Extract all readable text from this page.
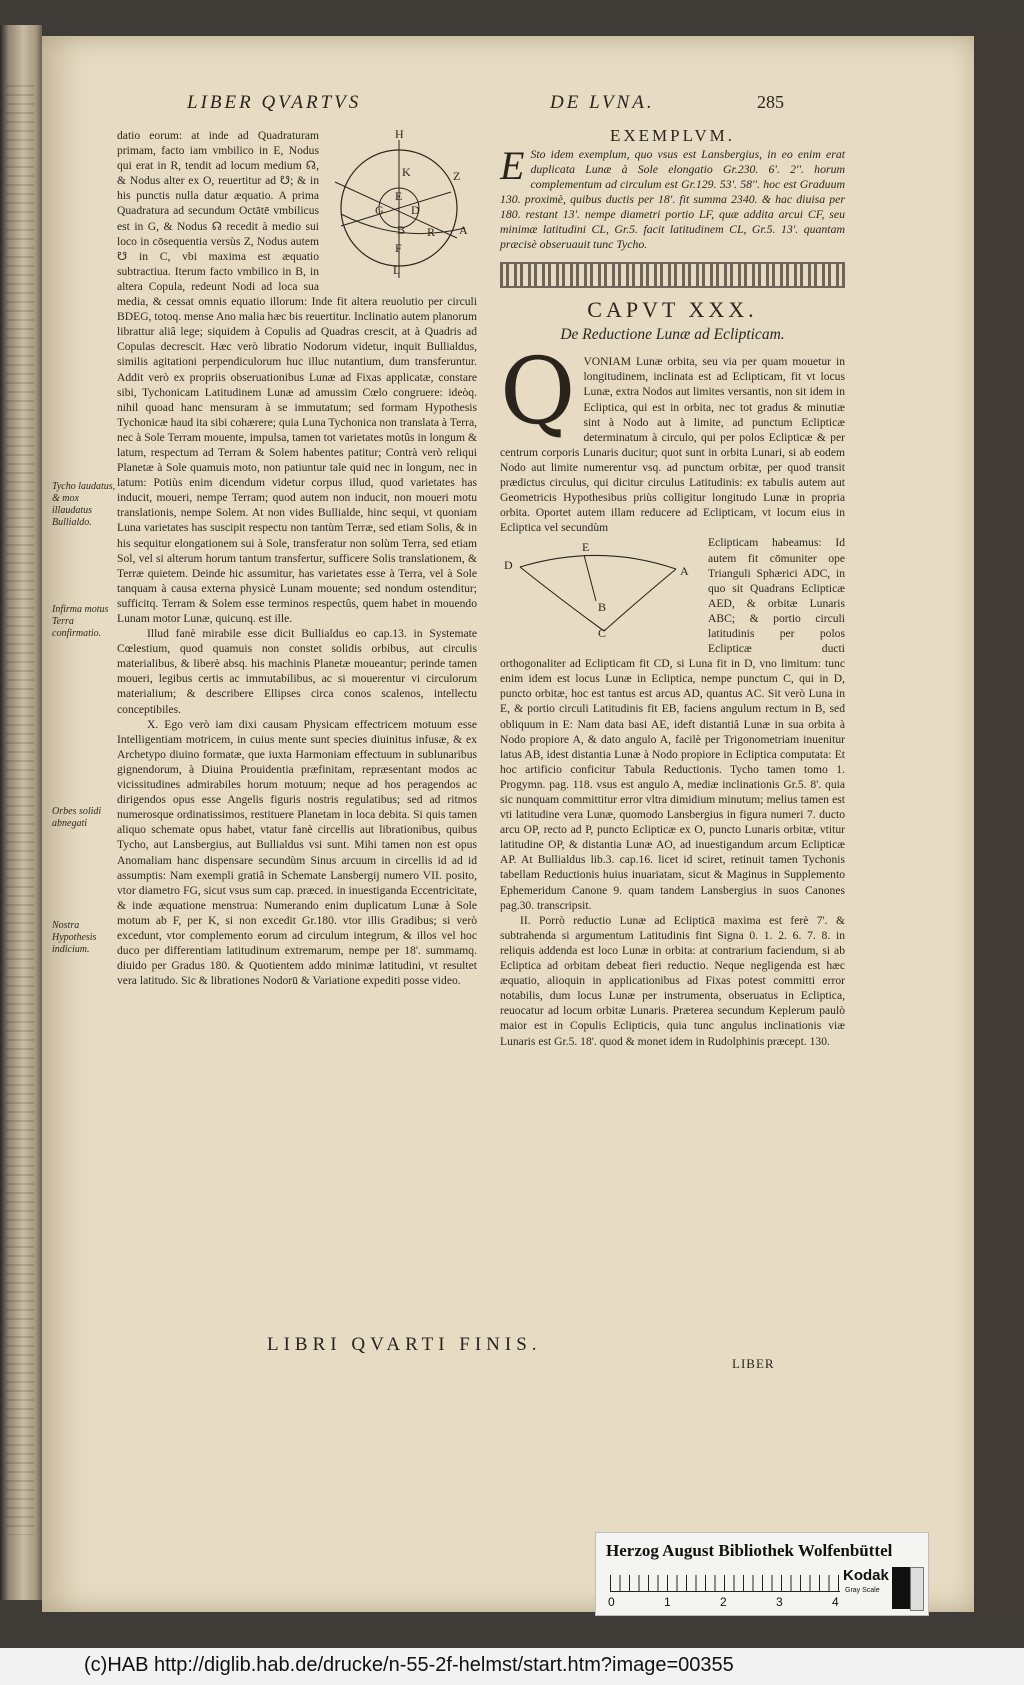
LIBER QVARTVS	DE LVNA.	285
Tycho laudatus, & mox illaudatus Bullialdo.
Infirma motus Terra confirmatio.
Orbes solidi abnegati
Nostra Hypothesis indicium.
H
K	Z
E
G D
B R A
F
L

datio eorum: at inde ad Quadraturam primam, facto iam vmbilico in E, Nodus qui erat in R, tendit ad locum medium ☊, & Nodus alter ex O, reuertitur ad ☋; & in his punctis nulla datur æquatio. A prima Quadratura ad secundum Octātē vmbilicus est in G, & Nodus ☊ recedit à medio sui loco in cōsequentia versùs Z, Nodus autem ☋ in C, vbi maxima est æquatio subtractiua. Iterum facto vmbilico in B, in altera Copula, redeunt Nodi ad loca sua media, & cessat omnis equatio illorum: Inde fit altera reuolutio per circuli BDEG, totoq. mense Ano malia hæc bis reuertitur. Inclinatio autem planorum librattur aliâ lege; siquidem à Copulis ad Quadras crescit, at à Quadris ad Copulas decrescit. Hæc verò libratio Nodorum videtur, inquit Bullialdus, similis agitationi perpendiculorum huc illuc nutantium, dum transferuntur. Addit verò ex propriis obseruationibus Lunæ ad Fixas applicatæ, constare sibi, Tychonicam Latitudinem Lunæ ad amussim Cœlo congruere: ideòq. nihil quoad hanc mensuram à se immutatum; sed formam Hypothesis Tychonicæ haud ita sibi cohærere; quia Luna Tychonica non translata à Terra, nec à Sole Terram mouente, impulsa, tamen tot varietates motûs in longum & latum, respectum ad Terram & Solem habentes patitur; Contrà verò reliqui Planetæ à Sole quamuis moto, non patiuntur tale quid nec in longum, nec in latum: Potiùs enim dicendum videtur corpus illud, quod varietates has inducit, moueri, nempe Terram; quod autem non inducit, non moueri motu translationis, nempe Solem. At non vides Bullialde, hinc sequi, vt quoniam Luna varietates has suscipit respectu non tantùm Terræ, sed etiam Solis, & in his sequitur elongationem sui à Sole, transferatur non solùm Terra, sed etiam Sol, vel si alterum horum tantum transfertur, sufficere Solis translationem, & Terræ quietem. Deinde hic assumitur, has varietates esse à Terra, vel à Sole tanquam à causa externa physicè Lunam mouente; sed nondum ostenditur; sufficitq. Terram & Solem esse terminos respectûs, quem habet in mouendo Lunam motor Lunæ, quicunq. est ille.

Illud fanè mirabile esse dicit Bullialdus eo cap.13. in Systemate Cœlestium, quod quamuis non constet solidis orbibus, aut circulis materialibus, & liberè absq. his machinis Planetæ moueantur; perinde tamen moueri, legibus certis ac immutabilibus, ac si mouerentur vi circulorum materialium; & describere Ellipses circa conos scalenos, intellectu conceptibiles.

X. Ego verò iam dixi causam Physicam effectricem motuum esse Intelligentiam motricem, in cuius mente sunt species diuinitus infusæ, & ex Archetypo diuino formatæ, que iuxta Harmoniam effectuum in sublunaribus gignendorum, à Diuina Prouidentia præfinitam, repræsentant modos ac vicissitudines admirabiles horum motuum; neque ad hos peragendos ac dirigendos opus esse Angelis figuris nostris regulatibus; sed ad ritmos numerosque ordinatissimos, restituere Planetam in loca debita. Si quis tamen aliquo schemate opus habet, vtatur fanè circellis aut librationibus, quibus Tycho, aut Lansbergius, aut Bullialdus vsi sunt. Mihi tamen non est opus Anomaliam hanc dispensare secundùm Sinus arcuum in circellis id ad id assumptis: Nam exempli gratiâ in Schemate Lansbergij numero VII. posito, vtor diametro FG, sicut vsus sum cap. præced. in inuestiganda Eccentricitate, & inde æquatione menstrua: Numerando enim duplicatum Lunæ à Sole motum ab F, per K, si non excedit Gr.180. vtor illis Gradibus; si verò excedunt, vtor complemento eorum ad circulum integrum, & illos vel hoc duco per differentiam latitudinum extremarum, nempe per 18'. summamq. diuido per Gradus 180. & Quotientem addo minimæ latitudini, vt resultet vera latitudo. Sic & librationes Nodorū & Variatione expediti posse video.

EXEMPLVM.
E Sto idem exemplum, quo vsus est Lansbergius, in eo enim erat duplicata Lunæ à Sole elongatio Gr.230. 6'. 2''. horum complementum ad circulum est Gr.129. 53'. 58''. hoc est Graduum 130. proximè, quibus ductis per 18'. fit summa 2340. & hac diuisa per 180. restant 13'. nempe diametri portio LF, quæ addita arcui CF, seu minimæ latitudini CL, Gr.5. facit latitudinem CL, Gr.5. 13'. quantam præcisè obseruauit tunc Tycho.
CAPVT XXX.
De Reductione Lunæ ad Eclipticam.
Q VONIAM Lunæ orbita, seu via per quam mouetur in longitudinem, inclinata est ad Eclipticam, fit vt locus Lunæ, extra Nodos aut limites versantis, non sit idem in Ecliptica, qui est in orbita, nec tot gradus & minutiæ sint à Nodo aut à limite, ad punctum Eclipticæ determinatum à circulo, qui per polos Eclipticæ & per centrum corporis Lunaris ducitur; quot sunt in orbita Lunari, si ab eodem Nodo aut limite numerentur vsq. ad punctum orbitæ, per quod transit prædictus circulus, qui dicitur circulus Latitudinis: ex tabulis autem aut Geometricis Hypothesibus priùs colligitur longitudo Lunæ in propria orbita. Oportet autem illam reducere ad Eclipticam, vt locum eius in Ecliptica vel secundùm

E
D	A
B
C

Eclipticam habeamus: Id autem fit cōmuniter ope Trianguli Sphærici ADC, in quo sit Quadrans Eclipticæ AED, & orbitæ Lunaris ABC; & portio circuli latitudinis per polos Eclipticæ ducti orthogonaliter ad Eclipticam fit CD, si Luna fit in D, vno limitum: tunc enim idem est locus Lunæ in Ecliptica, nempe punctum C, qui in D, puncto orbitæ, hoc est tantus est arcus AD, quantus AC. Sit verò Luna in E, & portio circuli Latitudinis fit EB, faciens angulum rectum in B, sed obliquum in E: Nam data basi AE, ideft distantiâ Lunæ in sua orbita à Nodo propiore A, & dato angulo A, facilè per Trigonometriam inuenitur latus AB, idest distantia Lunæ à Nodo propiore in Ecliptica computata: Et hoc artificio conficitur Tabula Reductionis. Tycho tamen tomo 1. Progymn. pag. 118. vsus est angulo A, mediæ inclinationis Gr.5. 8'. quia sic nunquam committitur error vltra dimidium minutum; melius tamen est vti latitudine vera Lunæ, quomodo Lansbergius in figura numeri 7. ducto arcu OP, recto ad P, puncto Eclipticæ ex O, puncto Lunaris orbitæ, vtitur latitudine OP, & distantia Lunæ AO, ad inuestigandum arcum Eclipticæ AP. At Bullialdus lib.3. cap.16. licet id sciret, retinuit tamen Tychonis tabellam Reductionis huius inuariatam, sicut & Maginus in Supplemento Ephemeridum Canone 9. quam tandem Lansbergius in suos Canones pag.30. transcripsit.

II. Porrò reductio Lunæ ad Eclipticā maxima est ferè 7'. & subtrahenda si argumentum Latitudinis fint Signa 0. 1. 2. 6. 7. 8. in reliquis addenda est loco Lunæ in orbita: at contrarium faciendum, si ab Ecliptica ad orbitam debeat fieri reductio. Neque negligenda est hæc æquatio, alioquin in applicationibus ad Fixas potest committi error notabilis, dum locus Lunæ per instrumenta, obseruatus in Ecliptica, reuocatur ad locum orbitæ Lunaris. Præterea secundum Keplerum paulò maior est in Copulis Eclipticis, quia tunc angulus inclinationis viæ Lunaris est Gr.5. 18'. quod & monet idem in Rudolphinis præcept. 130.

LIBRI QVARTI FINIS.
LIBER
Herzog August Bibliothek Wolfenbüttel
0	1	2	3	4
Kodak
Gray Scale
(c)HAB http://diglib.hab.de/drucke/n-55-2f-helmst/start.htm?image=00355
